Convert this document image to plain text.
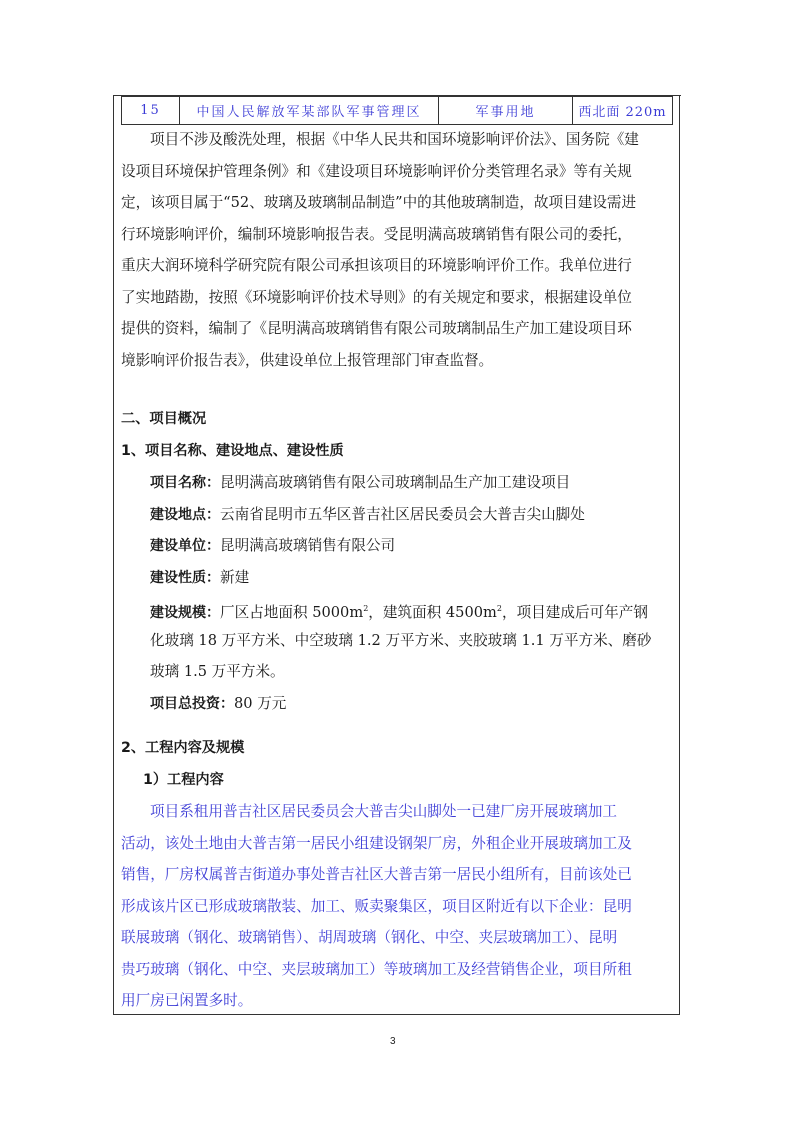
15	中国人民解放军某部队军事管理区	军事用地	西北面 220m
项目不涉及酸洗处理，根据《中华人民共和国环境影响评价法》、国务院《建
设项目环境保护管理条例》和《建设项目环境影响评价分类管理名录》等有关规
定，该项目属于“52、玻璃及玻璃制品制造”中的其他玻璃制造，故项目建设需进
行环境影响评价，编制环境影响报告表。受昆明满高玻璃销售有限公司的委托，
重庆大润环境科学研究院有限公司承担该项目的环境影响评价工作。我单位进行
了实地踏勘，按照《环境影响评价技术导则》的有关规定和要求，根据建设单位
提供的资料，编制了《昆明满高玻璃销售有限公司玻璃制品生产加工建设项目环
境影响评价报告表》，供建设单位上报管理部门审查监督。
二、项目概况
1、项目名称、建设地点、建设性质
项目名称：昆明满高玻璃销售有限公司玻璃制品生产加工建设项目
建设地点：云南省昆明市五华区普吉社区居民委员会大普吉尖山脚处
建设单位：昆明满高玻璃销售有限公司
建设性质：新建
建设规模：厂区占地面积 $5000m^2$，建筑面积 $4500m^2$，项目建成后可年产钢
化玻璃 18 万平方米、中空玻璃 1.2 万平方米、夹胶玻璃 1.1 万平方米、磨砂
玻璃 1.5 万平方米。
项目总投资：80 万元
2、工程内容及规模
1）工程内容
项目系租用普吉社区居民委员会大普吉尖山脚处一已建厂房开展玻璃加工
活动，该处土地由大普吉第一居民小组建设钢架厂房，外租企业开展玻璃加工及
销售，厂房权属普吉街道办事处普吉社区大普吉第一居民小组所有，目前该处已
形成该片区已形成玻璃散装、加工、贩卖聚集区，项目区附近有以下企业：昆明
联展玻璃（钢化、玻璃销售）、胡周玻璃（钢化、中空、夹层玻璃加工）、昆明
贵巧玻璃（钢化、中空、夹层玻璃加工）等玻璃加工及经营销售企业，项目所租
用厂房已闲置多时。
3
